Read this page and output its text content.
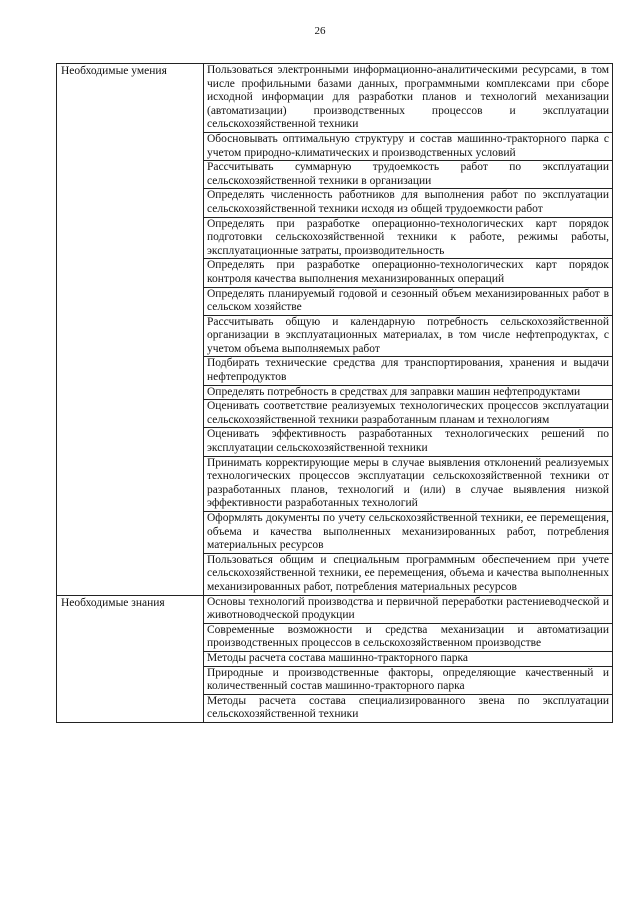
26
Необходимые умения	Пользоваться электронными информационно-аналитическими ресурсами, в том числе профильными базами данных, программными комплексами при сборе исходной информации для разработки планов и технологий механизации (автоматизации) производственных процессов и эксплуатации сельскохозяйственной техники
	Обосновывать оптимальную структуру и состав машинно-тракторного парка с учетом природно-климатических и производственных условий
	Рассчитывать суммарную трудоемкость работ по эксплуатации сельскохозяйственной техники в организации
	Определять численность работников для выполнения работ по эксплуатации сельскохозяйственной техники исходя из общей трудоемкости работ
	Определять при разработке операционно-технологических карт порядок подготовки сельскохозяйственной техники к работе, режимы работы, эксплуатационные затраты, производительность
	Определять при разработке операционно-технологических карт порядок контроля качества выполнения механизированных операций
	Определять планируемый годовой и сезонный объем механизированных работ в сельском хозяйстве
	Рассчитывать общую и календарную потребность сельскохозяйственной организации в эксплуатационных материалах, в том числе нефтепродуктах, с учетом объема выполняемых работ
	Подбирать технические средства для транспортирования, хранения и выдачи нефтепродуктов
	Определять потребность в средствах для заправки машин нефтепродуктами
	Оценивать соответствие реализуемых технологических процессов эксплуатации сельскохозяйственной техники разработанным планам и технологиям
	Оценивать эффективность разработанных технологических решений по эксплуатации сельскохозяйственной техники
	Принимать корректирующие меры в случае выявления отклонений реализуемых технологических процессов эксплуатации сельскохозяйственной техники от разработанных планов, технологий и (или) в случае выявления низкой эффективности разработанных технологий
	Оформлять документы по учету сельскохозяйственной техники, ее перемещения, объема и качества выполненных механизированных работ, потребления материальных ресурсов
	Пользоваться общим и специальным программным обеспечением при учете сельскохозяйственной техники, ее перемещения, объема и качества выполненных механизированных работ, потребления материальных ресурсов
Необходимые знания	Основы технологий производства и первичной переработки растениеводческой и животноводческой продукции
	Современные возможности и средства механизации и автоматизации производственных процессов в сельскохозяйственном производстве
	Методы расчета состава машинно-тракторного парка
	Природные и производственные факторы, определяющие качественный и количественный состав машинно-тракторного парка
	Методы расчета состава специализированного звена по эксплуатации сельскохозяйственной техники
